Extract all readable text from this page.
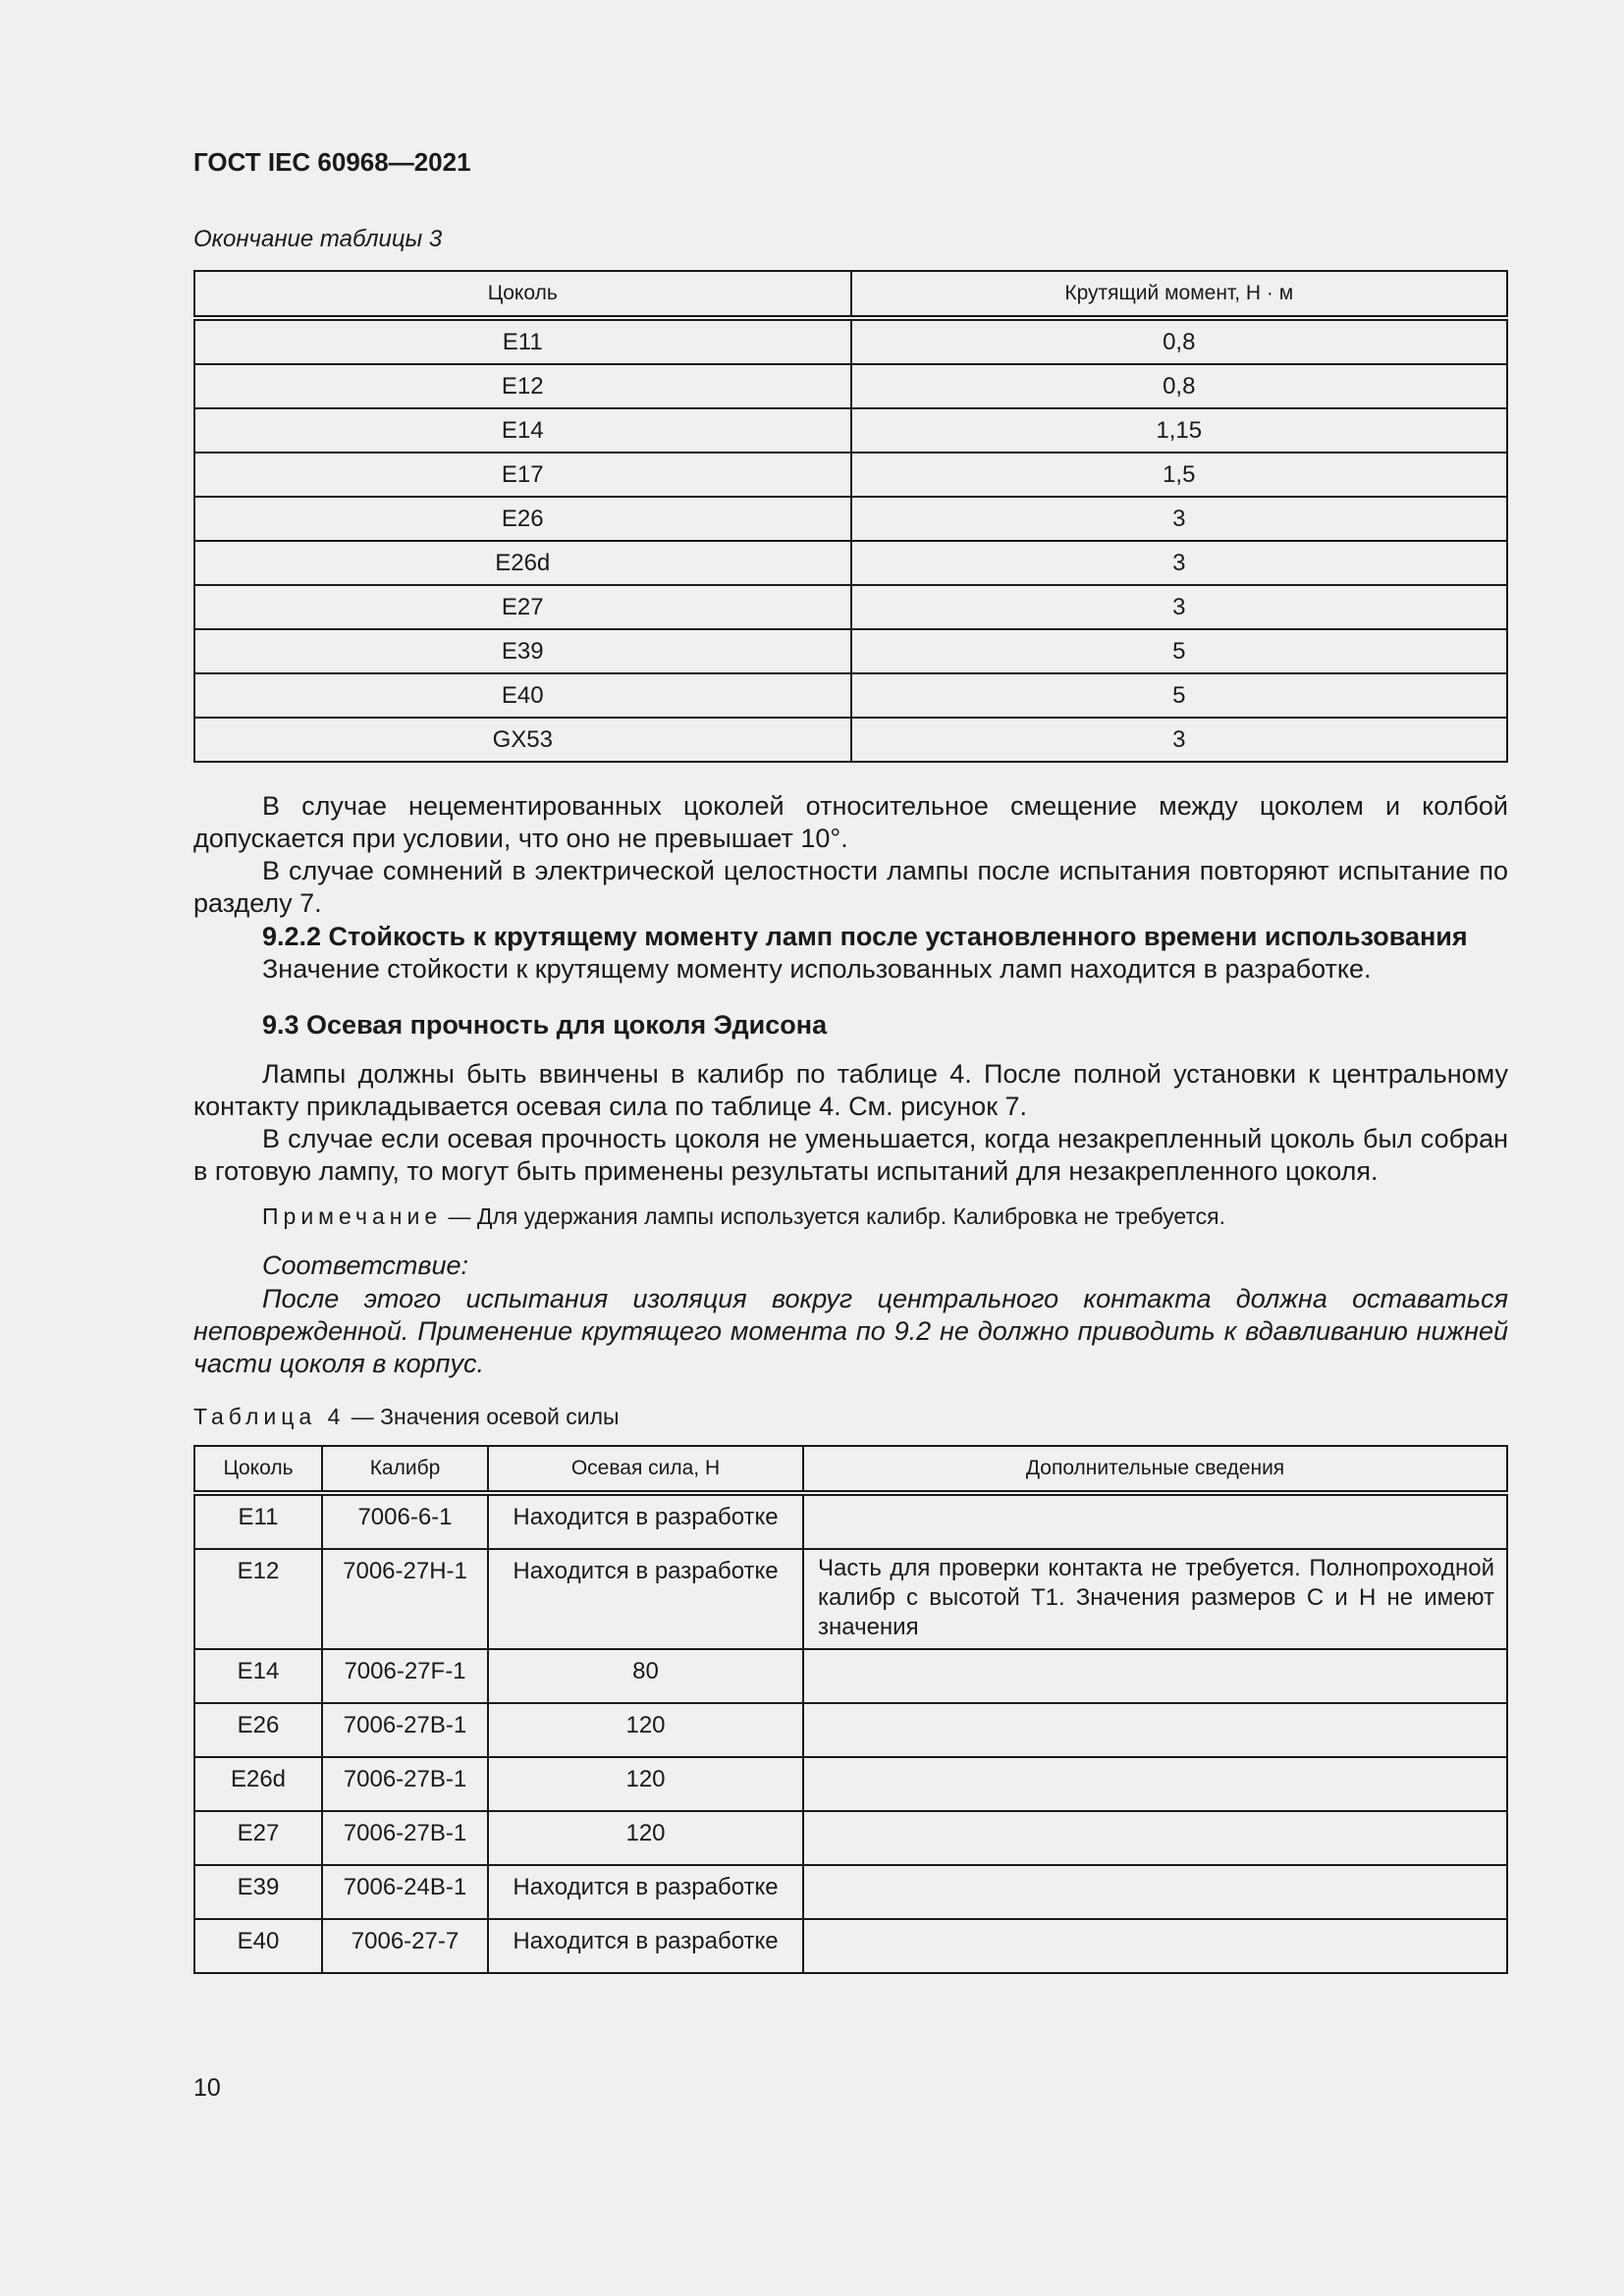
ГОСТ IEC 60968—2021
Окончание таблицы 3
Цоколь	Крутящий момент, Н · м
E11	0,8
E12	0,8
E14	1,15
E17	1,5
E26	3
E26d	3
E27	3
E39	5
E40	5
GX53	3

В случае нецементированных цоколей относительное смещение между цоколем и колбой допускается при условии, что оно не превышает 10°.

В случае сомнений в электрической целостности лампы после испытания повторяют испытание по разделу 7.

9.2.2 Стойкость к крутящему моменту ламп после установленного времени использования

Значение стойкости к крутящему моменту использованных ламп находится в разработке.

9.3 Осевая прочность для цоколя Эдисона

Лампы должны быть ввинчены в калибр по таблице 4. После полной установки к центральному контакту прикладывается осевая сила по таблице 4. См. рисунок 7.

В случае если осевая прочность цоколя не уменьшается, когда незакрепленный цоколь был собран в готовую лампу, то могут быть применены результаты испытаний для незакрепленного цоколя.

Примечание — Для удержания лампы используется калибр. Калибровка не требуется.

Соответствие:

После этого испытания изоляция вокруг центрального контакта должна оставаться неповрежденной. Применение крутящего момента по 9.2 не должно приводить к вдавливанию нижней части цоколя в корпус.

Таблица 4 — Значения осевой силы
Цоколь	Калибр	Осевая сила, Н	Дополнительные сведения
E11	7006-6-1	Находится в разработке	
E12	7006-27H-1	Находится в разработке	Часть для проверки контакта не требуется. Полнопроходной калибр с высотой T1. Значения размеров C и H не имеют значения
E14	7006-27F-1	80	
E26	7006-27B-1	120	
E26d	7006-27B-1	120	
E27	7006-27B-1	120	
E39	7006-24B-1	Находится в разработке	
E40	7006-27-7	Находится в разработке	
10
